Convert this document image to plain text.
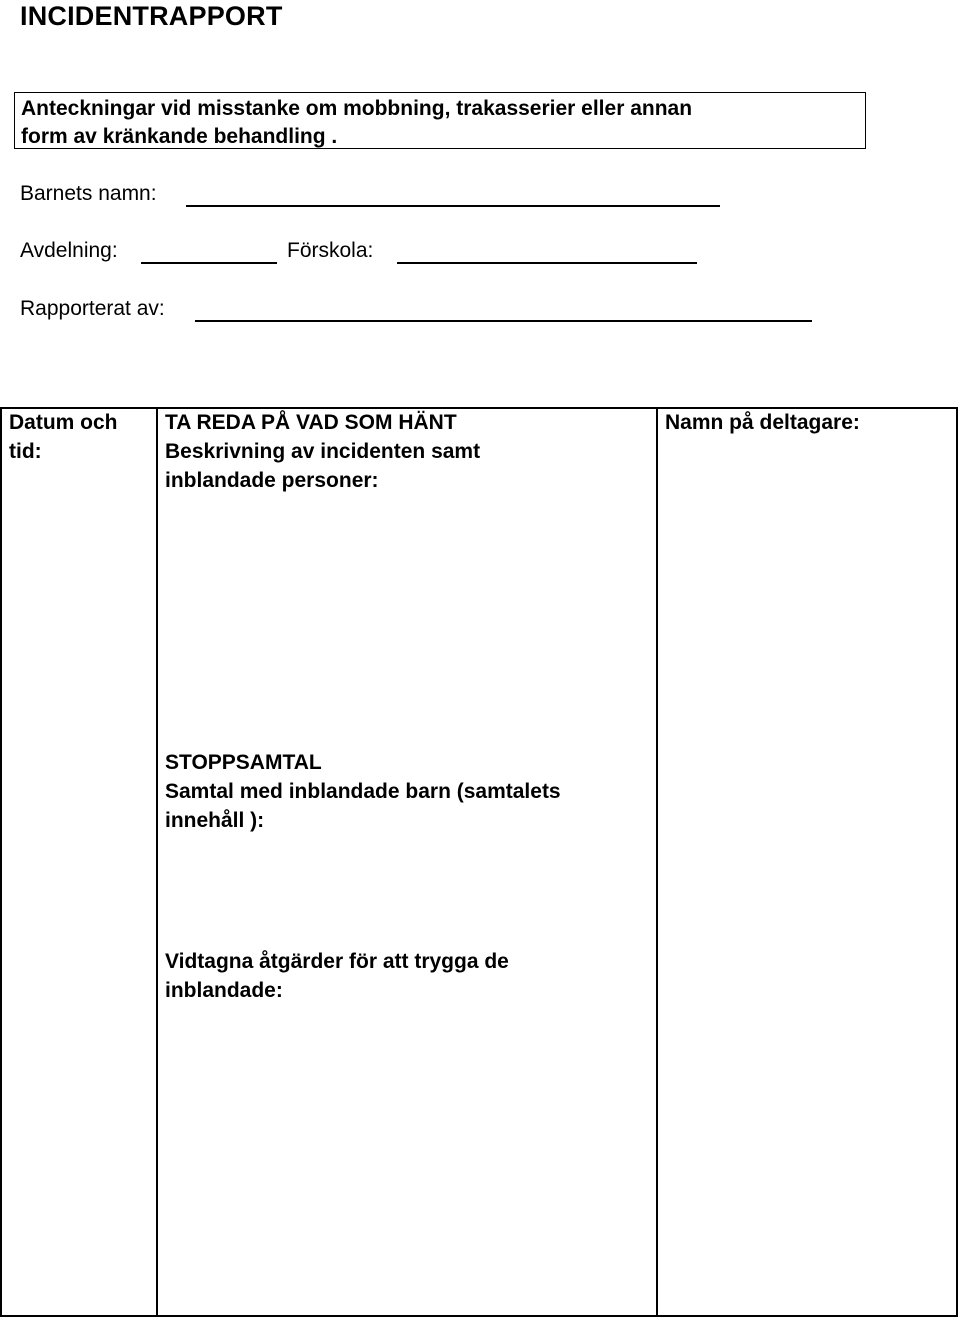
INCIDENTRAPPORT
Anteckningar vid misstanke om mobbning, trakasserier eller annan
form av kränkande behandling .
Barnets namn:
Avdelning:	Förskola:
Rapporterat av:
Datum och
tid:
TA REDA PÅ VAD SOM HÄNT
Beskrivning av incidenten samt
inblandade personer:
STOPPSAMTAL
Samtal med inblandade barn (samtalets
innehåll ):
Vidtagna åtgärder för att trygga de
inblandade:
Namn på deltagare:
